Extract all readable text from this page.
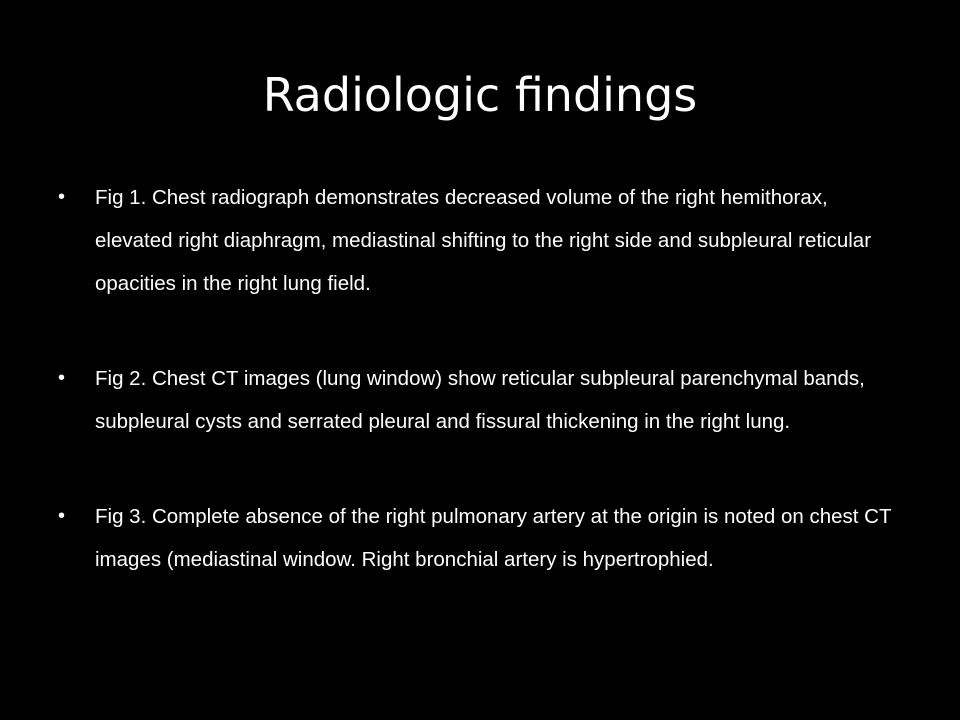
Radiologic findings
•	Fig 1. Chest radiograph demonstrates decreased volume of the right hemithorax, elevated right diaphragm, mediastinal shifting to the right side and subpleural reticular opacities in the right lung field.
•	Fig 2. Chest CT images (lung window) show reticular subpleural parenchymal bands, subpleural cysts and serrated pleural and fissural thickening in the right lung.
•	Fig 3. Complete absence of the right pulmonary artery at the origin is noted on chest CT images (mediastinal window. Right bronchial artery is hypertrophied.
